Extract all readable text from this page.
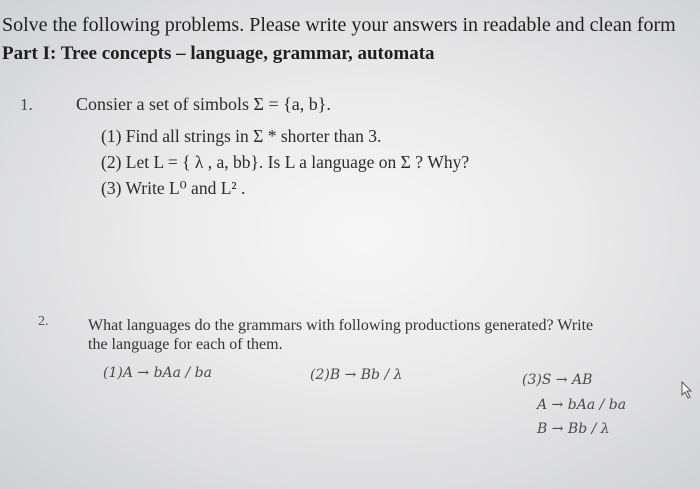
Solve the following problems. Please write your answers in readable and clean form
Part I: Tree concepts – language, grammar, automata
1. Consier a set of simbols Σ = {a, b}.
(1) Find all strings in Σ * shorter than 3.
(2) Let L = { λ , a, bb}. Is L a language on Σ ? Why?
(3) Write L⁰ and L² .
2. What languages do the grammars with following productions generated? Write
the language for each of them.
(1)A → bAa / ba	(2)B → Bb / λ	(3)S → AB
A → bAa / ba
B → Bb / λ
